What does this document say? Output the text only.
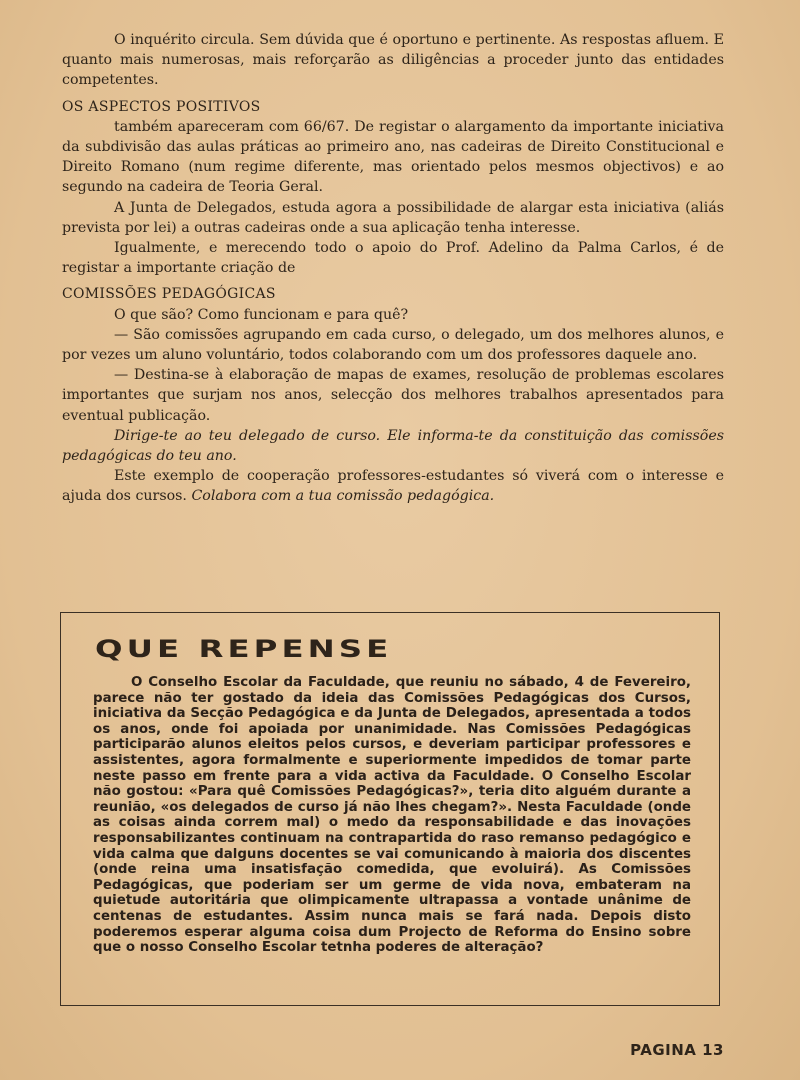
O inquérito circula. Sem dúvida que é oportuno e pertinente. As respostas afluem. E quanto mais numerosas, mais reforçarão as diligências a proceder junto das entidades competentes.

OS ASPECTOS POSITIVOS

também apareceram com 66/67. De registar o alargamento da importante iniciativa da subdivisão das aulas práticas ao primeiro ano, nas cadeiras de Direito Constitucional e Direito Romano (num regime diferente, mas orientado pelos mesmos objectivos) e ao segundo na cadeira de Teoria Geral.

A Junta de Delegados, estuda agora a possibilidade de alargar esta iniciativa (aliás prevista por lei) a outras cadeiras onde a sua aplicação tenha interesse.

Igualmente, e merecendo todo o apoio do Prof. Adelino da Palma Carlos, é de registar a importante criação de

COMISSÕES PEDAGÓGICAS

O que são? Como funcionam e para quê?

— São comissões agrupando em cada curso, o delegado, um dos melhores alunos, e por vezes um aluno voluntário, todos colaborando com um dos professores daquele ano.

— Destina-se à elaboração de mapas de exames, resolução de problemas escolares importantes que surjam nos anos, selecção dos melhores trabalhos apresentados para eventual publicação.

Dirige-te ao teu delegado de curso. Ele informa-te da constituição das comissões pedagógicas do teu ano.

Este exemplo de cooperação professores-estudantes só viverá com o interesse e ajuda dos cursos. Colabora com a tua comissão pedagógica.

QUE REPENSE

O Conselho Escolar da Faculdade, que reuniu no sábado, 4 de Fevereiro, parece não ter gostado da ideia das Comissões Pedagógicas dos Cursos, iniciativa da Secção Pedagógica e da Junta de Delegados, apresentada a todos os anos, onde foi apoiada por unanimidade. Nas Comissões Pedagógicas participarão alunos eleitos pelos cursos, e deveriam participar professores e assistentes, agora formalmente e superiormente impedidos de tomar parte neste passo em frente para a vida activa da Faculdade. O Conselho Escolar não gostou: «Para quê Comissões Pedagógicas?», teria dito alguém durante a reunião, «os delegados de curso já não lhes chegam?». Nesta Faculdade (onde as coisas ainda correm mal) o medo da responsabilidade e das inovações responsabilizantes continuam na contrapartida do raso remanso pedagógico e vida calma que dalguns docentes se vai comunicando à maioria dos discentes (onde reina uma insatisfação comedida, que evoluirá). As Comissões Pedagógicas, que poderiam ser um germe de vida nova, embateram na quietude autoritária que olimpicamente ultrapassa a vontade unânime de centenas de estudantes. Assim nunca mais se fará nada. Depois disto poderemos esperar alguma coisa dum Projecto de Reforma do Ensino sobre que o nosso Conselho Escolar tetnha poderes de alteração?

PAGINA 13
